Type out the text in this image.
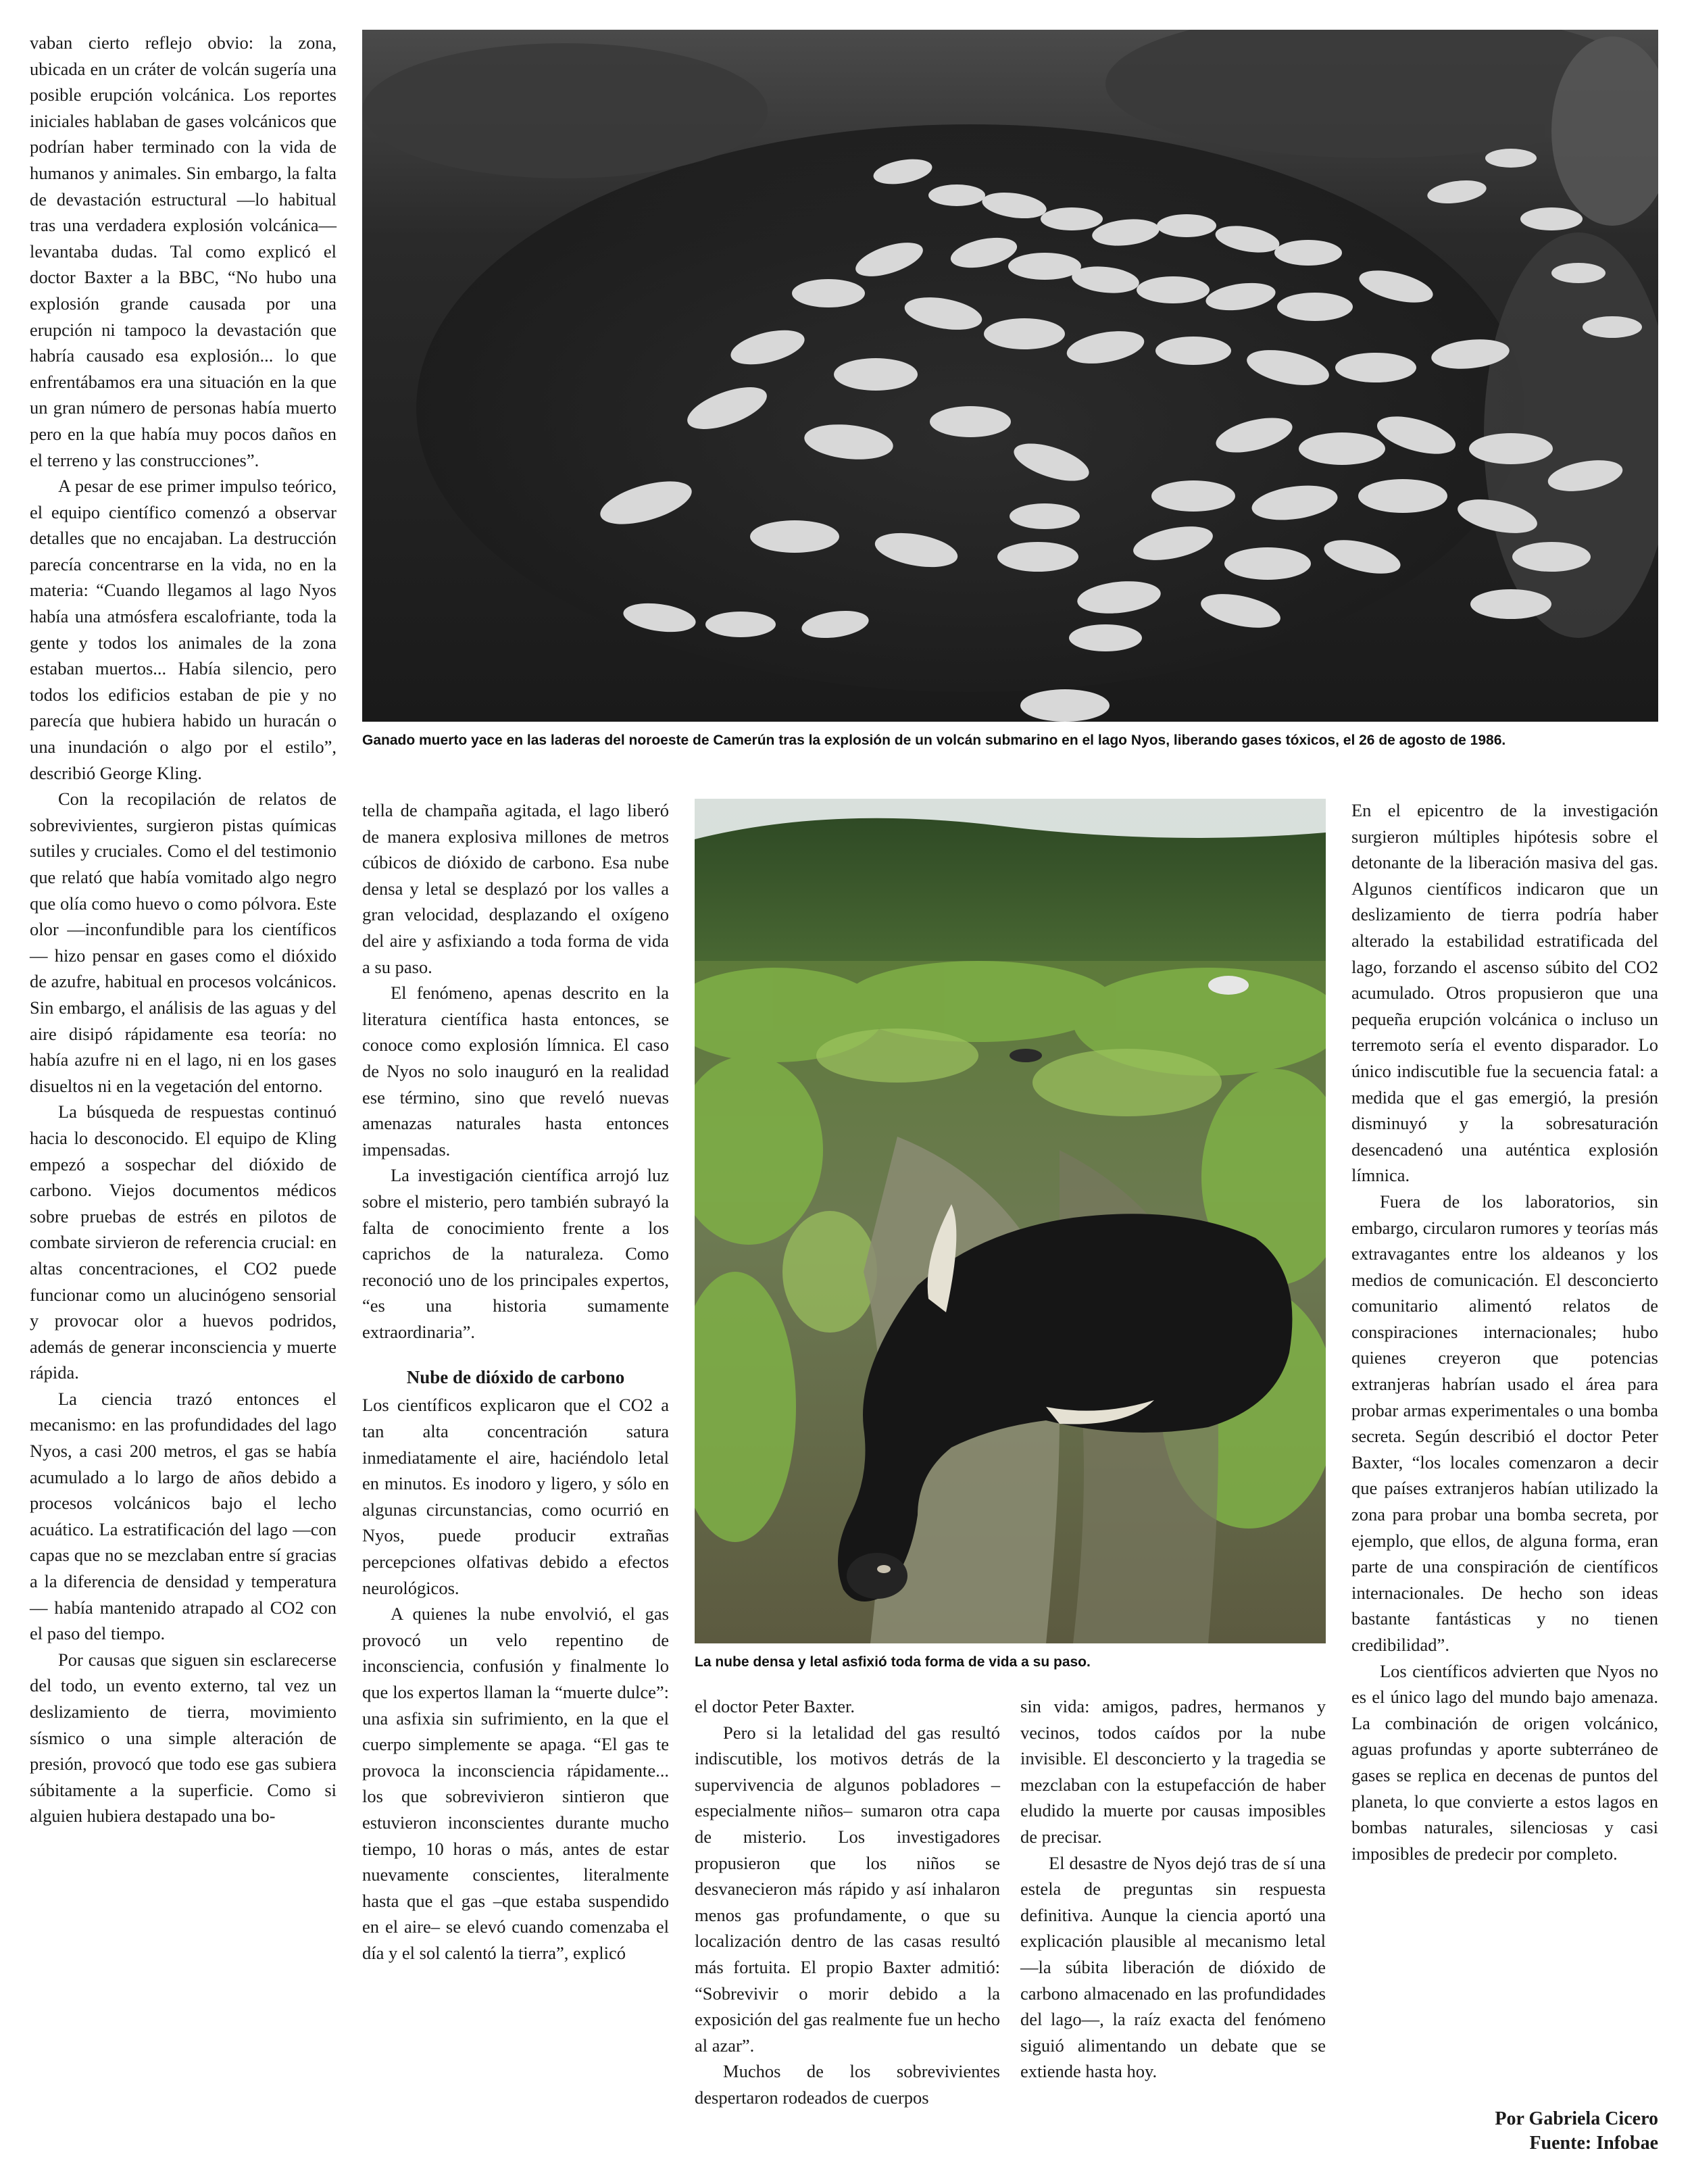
vaban cierto reflejo obvio: la zona, ubicada en un cráter de volcán sugería una posible erupción volcánica. Los reportes iniciales hablaban de gases volcánicos que podrían haber terminado con la vida de humanos y animales. Sin embargo, la falta de devastación estructural —lo habitual tras una verdadera explosión volcánica— levantaba dudas. Tal como explicó el doctor Baxter a la BBC, “No hubo una explosión grande causada por una erupción ni tampoco la devastación que habría causado esa explosión... lo que enfrentábamos era una situación en la que un gran número de personas había muerto pero en la que había muy pocos daños en el terreno y las construcciones”.

A pesar de ese primer impulso teórico, el equipo científico comenzó a observar detalles que no encajaban. La destrucción parecía concentrarse en la vida, no en la materia: “Cuando llegamos al lago Nyos había una atmósfera escalofriante, toda la gente y todos los animales de la zona estaban muertos... Había silencio, pero todos los edificios estaban de pie y no parecía que hubiera habido un huracán o una inundación o algo por el estilo”, describió George Kling.

Con la recopilación de relatos de sobrevivientes, surgieron pistas químicas sutiles y cruciales. Como el del testimonio que relató que había vomitado algo negro que olía como huevo o como pólvora. Este olor —inconfundible para los científicos— hizo pensar en gases como el dióxido de azufre, habitual en procesos volcánicos. Sin embargo, el análisis de las aguas y del aire disipó rápidamente esa teoría: no había azufre ni en el lago, ni en los gases disueltos ni en la vegetación del entorno.

La búsqueda de respuestas continuó hacia lo desconocido. El equipo de Kling empezó a sospechar del dióxido de carbono. Viejos documentos médicos sobre pruebas de estrés en pilotos de combate sirvieron de referencia crucial: en altas concentraciones, el CO2 puede funcionar como un alucinógeno sensorial y provocar olor a huevos podridos, además de generar inconsciencia y muerte rápida.

La ciencia trazó entonces el mecanismo: en las profundidades del lago Nyos, a casi 200 metros, el gas se había acumulado a lo largo de años debido a procesos volcánicos bajo el lecho acuático. La estratificación del lago —con capas que no se mezclaban entre sí gracias a la diferencia de densidad y temperatura— había mantenido atrapado al CO2 con el paso del tiempo.

Por causas que siguen sin esclarecerse del todo, un evento externo, tal vez un deslizamiento de tierra, movimiento sísmico o una simple alteración de presión, provocó que todo ese gas subiera súbitamente a la superficie. Como si alguien hubiera destapado una bo-

Ganado muerto yace en las laderas del noroeste de Camerún tras la explosión de un volcán submarino en el lago Nyos, liberando gases tóxicos, el 26 de agosto de 1986.

tella de champaña agitada, el lago liberó de manera explosiva millones de metros cúbicos de dióxido de carbono. Esa nube densa y letal se desplazó por los valles a gran velocidad, desplazando el oxígeno del aire y asfixiando a toda forma de vida a su paso.

El fenómeno, apenas descrito en la literatura científica hasta entonces, se conoce como explosión límnica. El caso de Nyos no solo inauguró en la realidad ese término, sino que reveló nuevas amenazas naturales hasta entonces impensadas.

La investigación científica arrojó luz sobre el misterio, pero también subrayó la falta de conocimiento frente a los caprichos de la naturaleza. Como reconoció uno de los principales expertos, “es una historia sumamente extraordinaria”.

Nube de dióxido de carbono

Los científicos explicaron que el CO2 a tan alta concentración satura inmediatamente el aire, haciéndolo letal en minutos. Es inodoro y ligero, y sólo en algunas circunstancias, como ocurrió en Nyos, puede producir extrañas percepciones olfativas debido a efectos neurológicos.

A quienes la nube envolvió, el gas provocó un velo repentino de inconsciencia, confusión y finalmente lo que los expertos llaman la “muerte dulce”: una asfixia sin sufrimiento, en la que el cuerpo simplemente se apaga. “El gas te provoca la inconsciencia rápidamente... los que sobrevivieron sintieron que estuvieron inconscientes durante mucho tiempo, 10 horas o más, antes de estar nuevamente conscientes, literalmente hasta que el gas –que estaba suspendido en el aire– se elevó cuando comenzaba el día y el sol calentó la tierra”, explicó

La nube densa y letal asfixió toda forma de vida a su paso.

el doctor Peter Baxter.

Pero si la letalidad del gas resultó indiscutible, los motivos detrás de la supervivencia de algunos pobladores –especialmente niños– sumaron otra capa de misterio. Los investigadores propusieron que los niños se desvanecieron más rápido y así inhalaron menos gas profundamente, o que su localización dentro de las casas resultó más fortuita. El propio Baxter admitió: “Sobrevivir o morir debido a la exposición del gas realmente fue un hecho al azar”.

Muchos de los sobrevivientes despertaron rodeados de cuerpos

sin vida: amigos, padres, hermanos y vecinos, todos caídos por la nube invisible. El desconcierto y la tragedia se mezclaban con la estupefacción de haber eludido la muerte por causas imposibles de precisar.

El desastre de Nyos dejó tras de sí una estela de preguntas sin respuesta definitiva. Aunque la ciencia aportó una explicación plausible al mecanismo letal —la súbita liberación de dióxido de carbono almacenado en las profundidades del lago—, la raíz exacta del fenómeno siguió alimentando un debate que se extiende hasta hoy.

En el epicentro de la investigación surgieron múltiples hipótesis sobre el detonante de la liberación masiva del gas. Algunos científicos indicaron que un deslizamiento de tierra podría haber alterado la estabilidad estratificada del lago, forzando el ascenso súbito del CO2 acumulado. Otros propusieron que una pequeña erupción volcánica o incluso un terremoto sería el evento disparador. Lo único indiscutible fue la secuencia fatal: a medida que el gas emergió, la presión disminuyó y la sobresaturación desencadenó una auténtica explosión límnica.

Fuera de los laboratorios, sin embargo, circularon rumores y teorías más extravagantes entre los aldeanos y los medios de comunicación. El desconcierto comunitario alimentó relatos de conspiraciones internacionales; hubo quienes creyeron que potencias extranjeras habrían usado el área para probar armas experimentales o una bomba secreta. Según describió el doctor Peter Baxter, “los locales comenzaron a decir que países extranjeros habían utilizado la zona para probar una bomba secreta, por ejemplo, que ellos, de alguna forma, eran parte de una conspiración de científicos internacionales. De hecho son ideas bastante fantásticas y no tienen credibilidad”.

Los científicos advierten que Nyos no es el único lago del mundo bajo amenaza. La combinación de origen volcánico, aguas profundas y aporte subterráneo de gases se replica en decenas de puntos del planeta, lo que convierte a estos lagos en bombas naturales, silenciosas y casi imposibles de predecir por completo.

Por Gabriela Cicero
Fuente: Infobae
